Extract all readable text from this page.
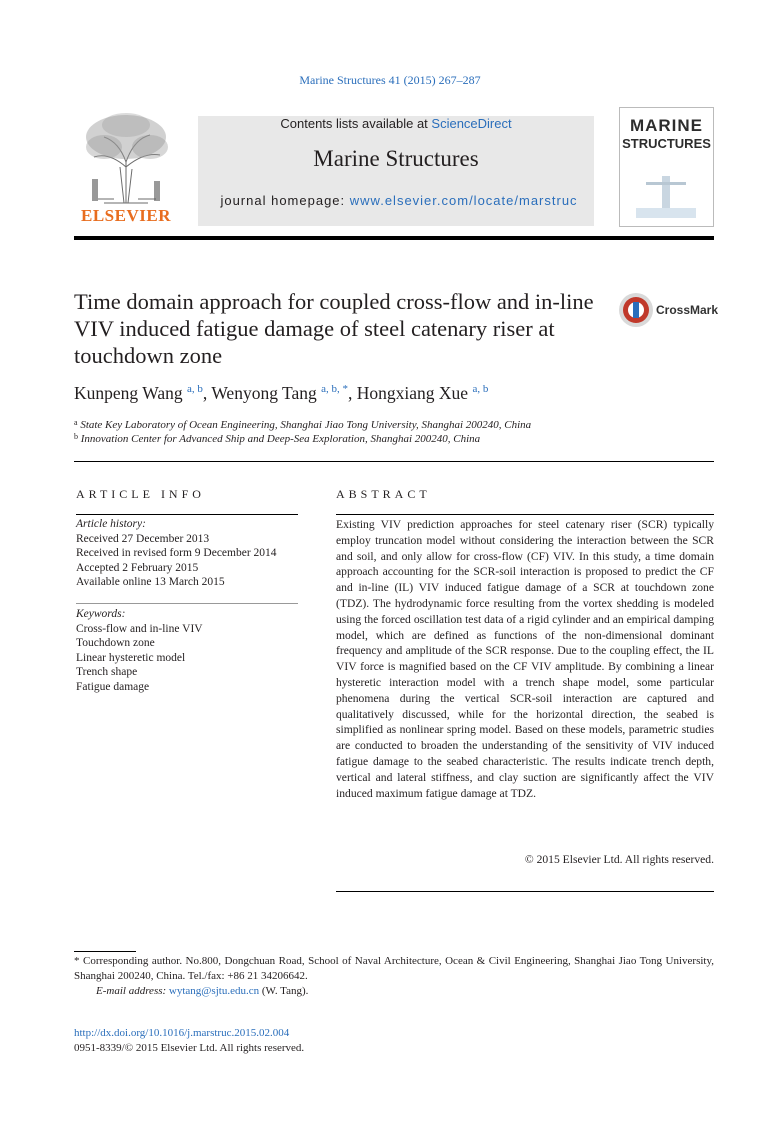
Marine Structures 41 (2015) 267–287
ELSEVIER
Contents lists available at ScienceDirect
Marine Structures
journal homepage: www.elsevier.com/locate/marstruc
MARINE
STRUCTURES
Time domain approach for coupled cross-flow and in-line VIV induced fatigue damage of steel catenary riser at touchdown zone
CrossMark
Kunpeng Wang $^{a, b}$, Wenyong Tang $^{a, b, *}$, Hongxiang Xue $^{a, b}$
$^a$ State Key Laboratory of Ocean Engineering, Shanghai Jiao Tong University, Shanghai 200240, China
$^b$ Innovation Center for Advanced Ship and Deep-Sea Exploration, Shanghai 200240, China
ARTICLE INFO
Article history:
Received 27 December 2013
Received in revised form 9 December 2014
Accepted 2 February 2015
Available online 13 March 2015
Keywords:
Cross-flow and in-line VIV
Touchdown zone
Linear hysteretic model
Trench shape
Fatigue damage
ABSTRACT

Existing VIV prediction approaches for steel catenary riser (SCR) typically employ truncation model without considering the interaction between the SCR and soil, and only allow for cross-flow (CF) VIV. In this study, a time domain approach accounting for the SCR-soil interaction is proposed to predict the CF and in-line (IL) VIV induced fatigue damage of a SCR at touchdown zone (TDZ). The hydrodynamic force resulting from the vortex shedding is modeled using the forced oscillation test data of a rigid cylinder and an empirical damping model, which are defined as functions of the non-dimensional dominant frequency and amplitude of the SCR response. Due to the coupling effect, the IL VIV force is magnified based on the CF VIV amplitude. By combining a linear hysteretic interaction model with a trench shape model, some particular phenomena during the vertical SCR-soil interaction are captured and qualitatively discussed, while for the horizontal direction, the seabed is simplified as nonlinear spring model. Based on these models, parametric studies are conducted to broaden the understanding of the sensitivity of VIV induced fatigue damage to the seabed characteristic. The results indicate trench depth, vertical and lateral stiffness, and clay suction are significantly affect the VIV induced maximum fatigue damage at TDZ.

© 2015 Elsevier Ltd. All rights reserved.
* Corresponding author. No.800, Dongchuan Road, School of Naval Architecture, Ocean & Civil Engineering, Shanghai Jiao Tong University, Shanghai 200240, China. Tel./fax: +86 21 34206642.
E-mail address: wytang@sjtu.edu.cn (W. Tang).
http://dx.doi.org/10.1016/j.marstruc.2015.02.004
0951-8339/© 2015 Elsevier Ltd. All rights reserved.
